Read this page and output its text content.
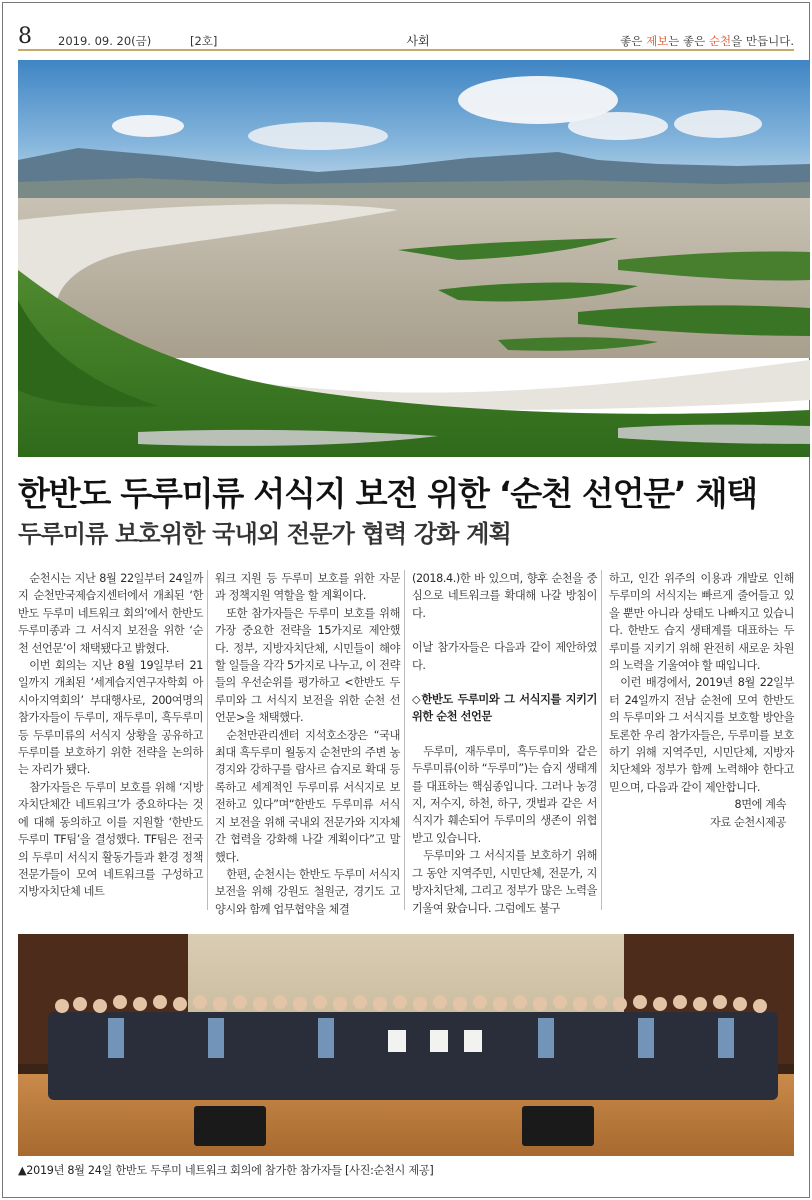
8 2019. 09. 20(금)	[2호]	사회	좋은 제보는 좋은 순천을 만듭니다.
한반도 두루미류 서식지 보전 위한 ‘순천 선언문’ 채택
두루미류 보호위한 국내외 전문가 협력 강화 계획

순천시는 지난 8월 22일부터 24일까지 순천만국제습지센터에서 개최된 ‘한반도 두루미 네트워크 회의’에서 한반도 두루미종과 그 서식지 보전을 위한 ‘순천 선언문’이 채택됐다고 밝혔다.

이번 회의는 지난 8월 19일부터 21일까지 개최된 ‘세계습지연구자학회 아시아지역회의’ 부대행사로, 200여명의 참가자들이 두루미, 재두루미, 흑두루미 등 두루미류의 서식지 상황을 공유하고 두루미를 보호하기 위한 전략을 논의하는 자리가 됐다.

참가자들은 두루미 보호를 위해 ‘지방자치단체간 네트워크’가 중요하다는 것에 대해 동의하고 이를 지원할 ‘한반도 두루미 TF팀’을 결성했다. TF팀은 전국의 두루미 서식지 활동가들과 환경 정책 전문가들이 모여 네트워크를 구성하고 지방자치단체 네트

워크 지원 등 두루미 보호를 위한 자문과 정책지원 역할을 할 계획이다.

또한 참가자들은 두루미 보호를 위해 가장 중요한 전략을 15가지로 제안했다. 정부, 지방자치단체, 시민들이 해야 할 일들을 각각 5가지로 나누고, 이 전략들의 우선순위를 평가하고 <한반도 두루미와 그 서식지 보전을 위한 순천 선언문>을 채택했다.

순천만관리센터 지석호소장은 “국내 최대 흑두루미 월동지 순천만의 주변 농경지와 강하구를 람사르 습지로 확대 등록하고 세계적인 두루미류 서식지로 보전하고 있다”며“한반도 두루미류 서식지 보전을 위해 국내외 전문가와 지자체간 협력을 강화해 나갈 계획이다”고 말했다.

한편, 순천시는 한반도 두루미 서식지 보전을 위해 강원도 철원군, 경기도 고양시와 함께 업무협약을 체결

(2018.4.)한 바 있으며, 향후 순천을 중심으로 네트워크를 확대해 나갈 방침이다.

이날 참가자들은 다음과 같이 제안하였다.

◇한반도 두루미와 그 서식지를 지키기 위한 순천 선언문

두루미, 재두루미, 흑두루미와 같은 두루미류(이하 “두루미”)는 습지 생태계를 대표하는 핵심종입니다. 그러나 농경지, 저수지, 하천, 하구, 갯벌과 같은 서식지가 훼손되어 두루미의 생존이 위협받고 있습니다.

두루미와 그 서식지를 보호하기 위해 그 동안 지역주민, 시민단체, 전문가, 지방자치단체, 그리고 정부가 많은 노력을 기울여 왔습니다. 그럼에도 불구

하고, 인간 위주의 이용과 개발로 인해 두루미의 서식지는 빠르게 줄어들고 있을 뿐만 아니라 상태도 나빠지고 있습니다. 한반도 습지 생태계를 대표하는 두루미를 지키기 위해 완전히 새로운 차원의 노력을 기울여야 할 때입니다.

이런 배경에서, 2019년 8월 22일부터 24일까지 전남 순천에 모여 한반도의 두루미와 그 서식지를 보호할 방안을 토론한 우리 참가자들은, 두루미를 보호하기 위해 지역주민, 시민단체, 지방자치단체와 정부가 함께 노력해야 한다고 믿으며, 다음과 같이 제안합니다.

8면에 계속

자료 순천시제공

▲2019년 8월 24일 한반도 두루미 네트워크 회의에 참가한 참가자들 [사진:순천시 제공]
